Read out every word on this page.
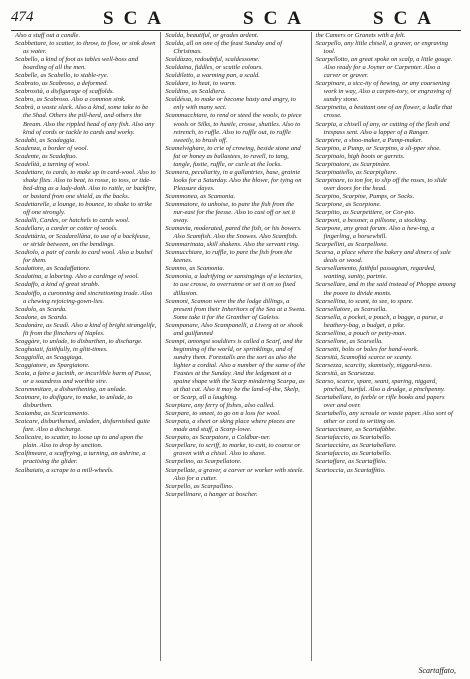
474	SCA	SCA	SCA

Also a stuff out a candle.

Scabbettare, to scatter, to throw, to flow, or sink down as water.

Scabello, a kind of foot as tables well-boss and boarding of all the men.

Scabelle, as Scabello, to stable-rye.

Scabrato, as Scabroso, a deformed.

Scabrosità, a disfigurage of scaffolds.

Scabro, as Scabroso. Also a common sink.

Scabrà, a waste slack. Also a kind, some take to be the Shad. Others the pill-herd, and others the Bream. Also the rippled head of any fish. Also any kind of cords or tackle to cards and worky.

Scadabi, as Scadaggia.

Scadenza, a border of wool.

Scadente, as Scadaftuo.

Scadelìtà, a turning of wool.

Scadettare, to cards, to make up in card-wool. Also to shake flies. Also to beat, to rosse, to toss, or tide-bed-ding as a lady-doth. Also to rattle, or backfire, or bastard from one shield, as the backs.

Scadettarelle, a lounge, to bounce, to shake to strike off one strongly.

Scadalli, Cardes, or hatchels to cards wool.

Scadellare, a carder or cotter of wools.

Scadettària, or Scadarellàna, to use of a backfeuse, or stride between, on the bendings.

Scadiolo, a pair of cards to card wool. Also a bushel for them.

Scadattore, as Scadaffattore.

Scadatina, a laboring. Also a cardinge of wool.

Scadaffo, a kind of great strabb.

Scadoiffo, a curonning and sincretioning trade. Also a chewing rejoicing-gown-lies.

Scadolo, as Scarda.

Scadone, as Scarda.

Scadonàre, as Scadì. Also a kind of bright strangelife, fit from the flinchers of Naples.

Scaggàre, to unlade, to disburthen, to discharge.

Scaghaiaii, faithfully, in glitt-times.

Scaggiolla, as Scaggiaga.

Scaggiatore, as Spargiatore.

Scaia, a faire a jacinth, or incurlible harm of Pusse, or a soundress and worthie sire.

Scaremmitare, a disburthening, an unlade.

Scaimare, to disfigure, to make, to unlade, to disburthen.

Scaiamba, as Scaricamento.

Scaicare, disburthened, unladen, disfurnished quite fare. Also a discharge.

Scalicaire, to scatter, to loose up to and upon the plain. Also to drop by unction.

Scalfimeare, a scaffrying, a turning, an ashrine, a practising the glider.

Scalbaiaio, a scrape to a mill-wheels.

Scalda, beautiful, or grades ardent.

Scalda, all on one of the feast Sunday and of Christmas.

Scaldàzzo, redoubtful, scaldessome.

Scaldaina, fiddles, or scuttle colours.

Scaldiletto, a warming pan, a scald.

Scaldare, to heat, to warm.

Scaldino, as Scaldiera.

Scaldéssa, to make or become hasty and angry, to enly with many sect.

Scammucchiare, to rend or steed the wools, to piece wools or Silks, to hustle, crosse, shuttles. Also to retrench, to ruffle. Also to ruffle out, to ruffle sweetly, to brush off.

Scamelvighare, to crie of crowing, beside stone and fat or honey as ballastees, to ravell, to tang, tangle, fustie, ruffle, or curle at the locks.

Scamera, peculiarity, in a gallantries, base, grainie looks for a Saturday. Also the blowe, for tying on Pleasure dayes.

Scammonea, as Scamonia.

Scammatore, to unhoise, to pare the fish from the nur-east for the feesse. Also to cast off or set it away.

Scamavta, moderated, pared the fish, or his bowers. Also Scamfish. Also the Snowes. Also Scamfish.

Scammarinata, skill shakens. Also the servant ring.

Scamucchiare, to ruffle, to pare the fish from the keenes.

Scamno, as Scamonia.

Scamonìa, a ladrifying or sansingings of a lectaries, to use crosse, to overrunne or set it on so fixed dillusion.

Scamoni, Scamon were the the lodge dillings, a present from their Inheritors of the Sea at a Sweta. Some take it for the Granther of Galeiss.

Scampanare, Also Scampanelli, a Liverg at or shook and guilfanned

Scampi, amongst souldiers is called a Scarf, and the beginning of the world, or sprinklings, and of sundry them. Forestalls are the sort as also the lighter a cordial. Also a number of the same of the Feastes at the Sunday. And the ledgmant at a spaine shape with the Scarp mindering Scarpa, as at that cat. Also it may be the land-of-the, Skelp, or Scarp, all a laughing.

Scarpiare, any ferry of fishes, also called.

Scarpare, to smeet, to go on a loss for wool.

Scarpata, a sheet or sking place where pieces are made and stuff, a Scarp-lowe.

Scarpato, as Scarpatore, a Coldbar-ner.

Scarpellare, to scriff, to marke, to cutt, to coarse or graven with a chisel. Also to shave.

Scarpelino, as Scarpellatore.

Scarpellate, a graver, a carver or worker with steele. Also for a cutter.

Scarpello, as Scarpallino.

Scarpellinare, a hanger at boscher.

the Camers or Granets with a felt.

Scarpello, any little chisell, a graver, or engraving tool.

Scarpellotto, an great spoke on scalp, a little gouge. Also ready for a Joyner or Carpenter. Also a carver or graver.

Scarpinare, a sicc-ity of hewing, or any coarsening work in way, Also a carpen-tory, or engraving of sundry stone.

Scarpinetta, a beuttant one of an flower, a ladle that crosse.

Scarpia, a chisell of any, or cutting of the flesh and trespass sent. Also a lapper of a Ranger.

Scarpiere, a shoo-maker, a Pump-maker.

Scarpino, a Pump, or Scarpino, a sli-pper shoe.

Scarpinaio, high boots or garrets.

Scarpinatore, as Scarpinàre.

Scarpinatiello, as Scarpigliere.

Scarpinare, to ton for, to slip off the roses, to slide over doors for the head.

Scarpino, Scarpine, Pumps, or Socks.

Scarpione, as Scorpione.

Scarpitto, as Scarpettiere, or Cor-pio.

Scarponi, a bessner, a pillsone, a stocking.

Scarpone, any great forum. Also a hew-ing, a fingerling, a horsewhill.

Scarpellini, as Scarpellone.

Scarsa, a place where the bakery and diners of sale deals or wood.

Scarsellamento, faithful passagism, regarded, wanting, sanity, partnie.

Scarsellare, and in the said instead of Phoppe among the poore to divide monts.

Scarsellina, to scant, to see, to spare.

Scarsellatore, as Scarsella.

Scarsella, a pocket, a pouch, a bagge, a purse, a heathery-bag, a budget, a pike.

Scarsellina, a pouch or petty-man.

Scarsellone, as Scarsella.

Scarsetti, bolts or bales for hand-work.

Scarsitá, Scamofitá scarce or scanty.

Scarsezza, scarcity, skamisely, niggard-ness.

Scarsità, as Scarsezza.

Scarso, scarce, spare, seant, sparing, niggard, pinched, hurtful. Also a drudge, a pinchpenny.

Scartabellare, to feeble or rifle books and papers over and over.

Scartabello, any scroule or waste paper. Also sort of other or cord to writing on.

Scartaccinare, as Scartafàbbe.

Scartafaccio, as Scartabello.

Scartacciàre, as Scartabellare.

Scartafaccio, as Scartabello.

Scartaffare, as Scartaffìtio.

Scartoccia, as Scartaffìtio.

Scartaffato,
